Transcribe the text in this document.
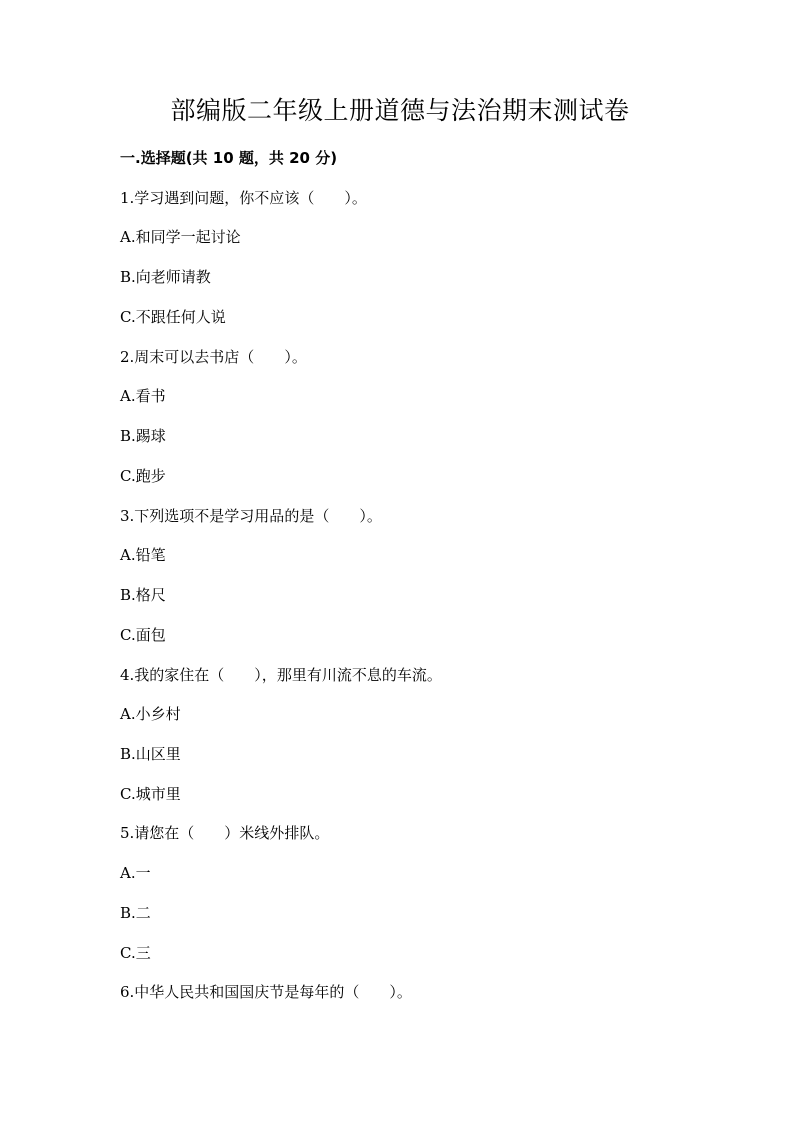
部编版二年级上册道德与法治期末测试卷
一.选择题(共 10 题，共 20 分)
1.学习遇到问题，你不应该（　　）。
A.和同学一起讨论
B.向老师请教
C.不跟任何人说
2.周末可以去书店（　　）。
A.看书
B.踢球
C.跑步
3.下列选项不是学习用品的是（　　）。
A.铅笔
B.格尺
C.面包
4.我的家住在（　　），那里有川流不息的车流。
A.小乡村
B.山区里
C.城市里
5.请您在（　　）米线外排队。
A.一
B.二
C.三
6.中华人民共和国国庆节是每年的（　　）。
